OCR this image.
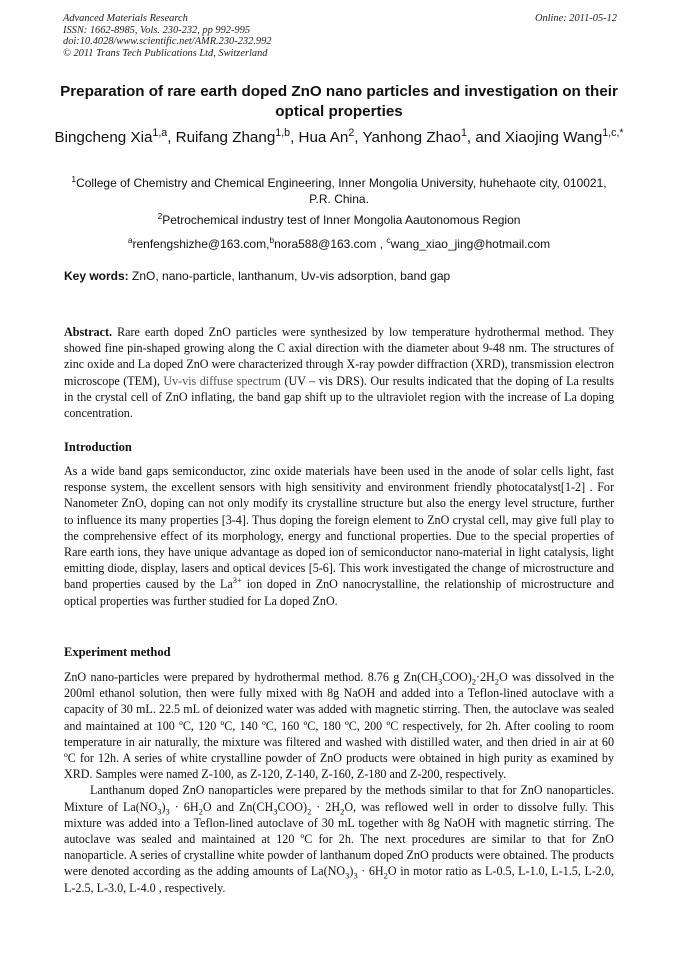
Advanced Materials Research
ISSN: 1662-8985, Vols. 230-232, pp 992-995
doi:10.4028/www.scientific.net/AMR.230-232.992
© 2011 Trans Tech Publications Ltd, Switzerland
Online: 2011-05-12
Preparation of rare earth doped ZnO nano particles and investigation on their optical properties
Bingcheng Xia$^{1,a}$, Ruifang Zhang$^{1,b}$, Hua An$^2$, Yanhong Zhao$^1$, and Xiaojing Wang$^{1,c,*}$
$^1$College of Chemistry and Chemical Engineering, Inner Mongolia University, huhehaote city, 010021, P.R. China.
$^2$Petrochemical industry test of Inner Mongolia Aautonomous Region
$^a$renfengshizhe@163.com,$^b$nora588@163.com , $^c$wang_xiao_jing@hotmail.com
Key words: ZnO, nano-particle, lanthanum, Uv-vis adsorption, band gap

Abstract. Rare earth doped ZnO particles were synthesized by low temperature hydrothermal method. They showed fine pin-shaped growing along the C axial direction with the diameter about 9-48 nm. The structures of zinc oxide and La doped ZnO were characterized through X-ray powder diffraction (XRD), transmission electron microscope (TEM), Uv-vis diffuse spectrum (UV – vis DRS). Our results indicated that the doping of La results in the crystal cell of ZnO inflating, the band gap shift up to the ultraviolet region with the increase of La doping concentration.

Introduction

As a wide band gaps semiconductor, zinc oxide materials have been used in the anode of solar cells light, fast response system, the excellent sensors with high sensitivity and environment friendly photocatalyst[1-2] . For Nanometer ZnO, doping can not only modify its crystalline structure but also the energy level structure, further to influence its many properties [3-4]. Thus doping the foreign element to ZnO crystal cell, may give full play to the comprehensive effect of its morphology, energy and functional properties. Due to the special properties of Rare earth ions, they have unique advantage as doped ion of semiconductor nano-material in light catalysis, light emitting diode, display, lasers and optical devices [5-6]. This work investigated the change of microstructure and band properties caused by the $La^{3+}$ ion doped in ZnO nanocrystalline, the relationship of microstructure and optical properties was further studied for La doped ZnO.

Experiment method

ZnO nano-particles were prepared by hydrothermal method. 8.76 g $Zn(CH_3COO)_2\cdot 2H_2O$ was dissolved in the 200ml ethanol solution, then were fully mixed with 8g NaOH and added into a Teflon-lined autoclave with a capacity of 30 mL. 22.5 mL of deionized water was added with magnetic stirring. Then, the autoclave was sealed and maintained at 100 ºC, 120 ºC, 140 ºC, 160 ºC, 180 ºC, 200 ºC respectively, for 2h. After cooling to room temperature in air naturally, the mixture was filtered and washed with distilled water, and then dried in air at 60 ºC for 12h. A series of white crystalline powder of ZnO products were obtained in high purity as examined by XRD. Samples were named Z-100, as Z-120, Z-140, Z-160, Z-180 and Z-200, respectively.

Lanthanum doped ZnO nanoparticles were prepared by the methods similar to that for ZnO nanoparticles. Mixture of $La(NO_3)_3 \cdot 6H_2O$ and $Zn(CH_3COO)_2 \cdot 2H_2O$, was reflowed well in order to dissolve fully. This mixture was added into a Teflon-lined autoclave of 30 mL together with 8g NaOH with magnetic stirring. The autoclave was sealed and maintained at 120 ºC for 2h. The next procedures are similar to that for ZnO nanoparticle. A series of crystalline white powder of lanthanum doped ZnO products were obtained. The products were denoted according as the adding amounts of $La(NO_3)_3 \cdot 6H_2O$ in motor ratio as L-0.5, L-1.0, L-1.5, L-2.0, L-2.5, L-3.0, L-4.0 , respectively.
